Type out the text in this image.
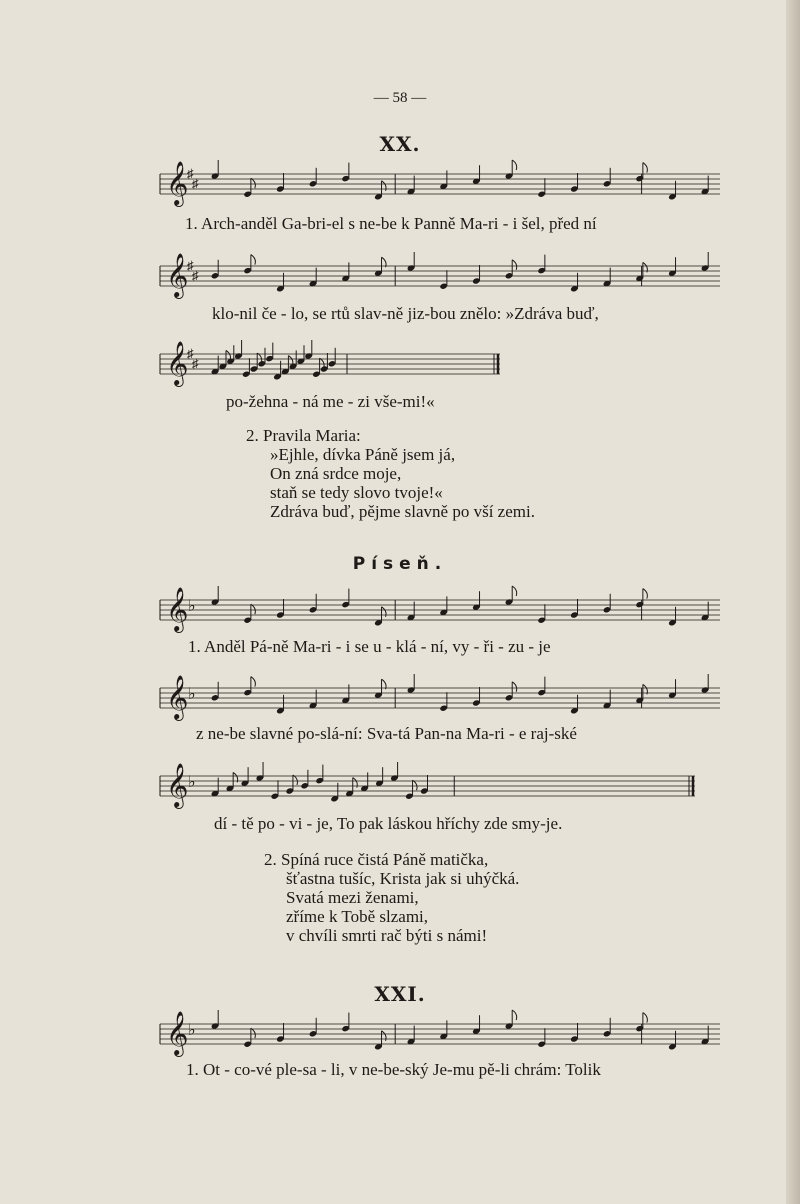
— 58 —
XX.
𝄞
♯
♯
1. Arch-anděl Ga-bri-el s ne-be k Panně Ma-ri - i šel, před ní
𝄞
♯
♯
klo-nil če - lo, se rtů slav-ně jiz-bou znělo: »Zdráva buď,
𝄞
♯
♯
po-žehna - ná me - zi vše-mi!«
2. Pravila Maria:
»Ejhle, dívka Páně jsem já,
On zná srdce moje,
staň se tedy slovo tvoje!«
Zdráva buď, pějme slavně po vší zemi.
Píseň.
𝄞 ♭
1. Anděl Pá-ně Ma-ri - i se u - klá - ní, vy - ři - zu - je
𝄞 ♭
z ne-be slavné po-slá-ní: Sva-tá Pan-na Ma-ri - e raj-ské
𝄞 ♭
dí - tě po - vi - je, To pak láskou hříchy zde smy-je.
2. Spíná ruce čistá Páně matička,
šťastna tušíc, Krista jak si uhýčká.
Svatá mezi ženami,
zříme k Tobě slzami,
v chvíli smrti rač býti s námi!
XXI.
𝄞 ♭
1. Ot - co-vé ple-sa - li, v ne-be-ský Je-mu pě-li chrám: Tolik
